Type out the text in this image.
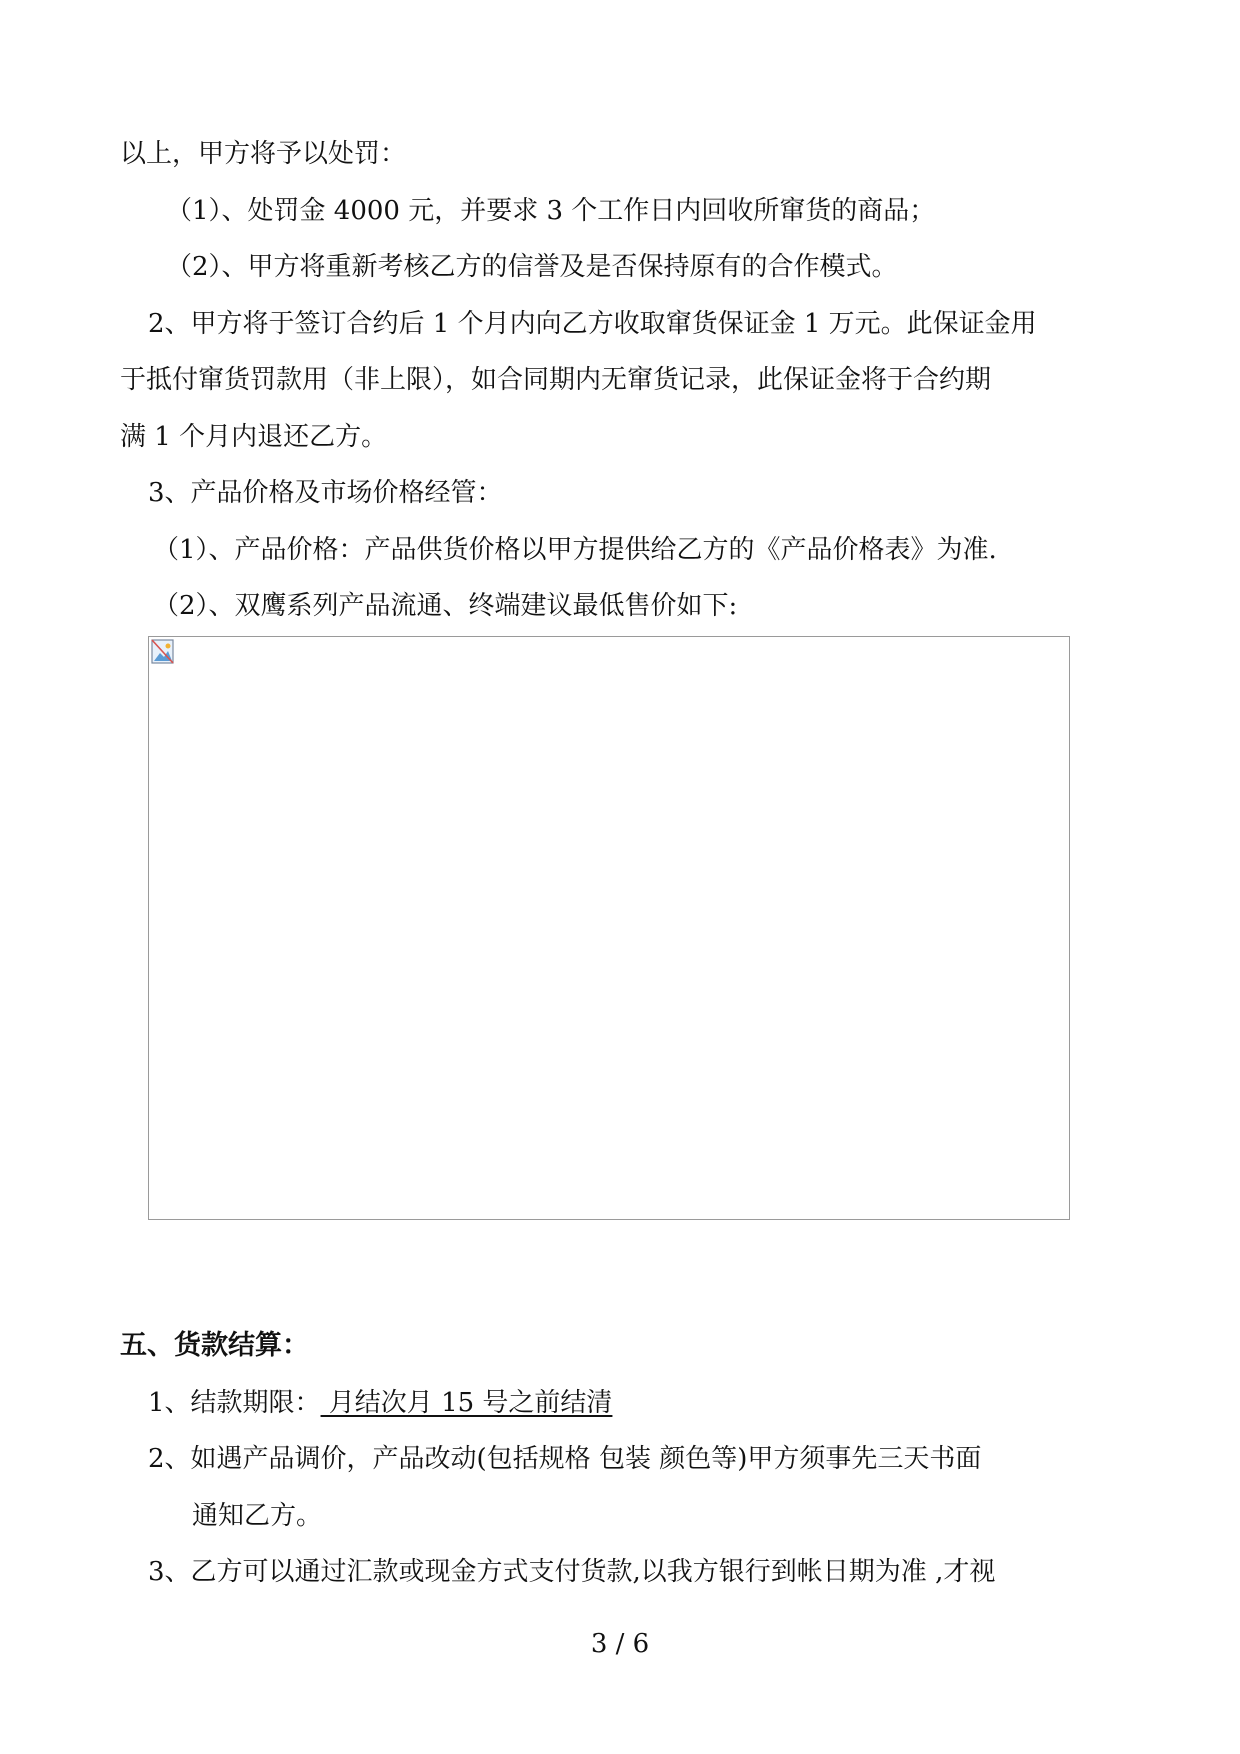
以上，甲方将予以处罚：
（1）、处罚金 4000 元，并要求 3 个工作日内回收所窜货的商品；
（2）、甲方将重新考核乙方的信誉及是否保持原有的合作模式。
2、甲方将于签订合约后 1 个月内向乙方收取窜货保证金 1 万元。此保证金用
于抵付窜货罚款用（非上限），如合同期内无窜货记录，此保证金将于合约期
满 1 个月内退还乙方。
3、产品价格及市场价格经管：
（1）、产品价格：产品供货价格以甲方提供给乙方的《产品价格表》为准.
（2）、双鹰系列产品流通、终端建议最低售价如下:
五、货款结算：
1、结款期限： 月结次月 15 号之前结清
2、如遇产品调价，产品改动(包括规格 包装 颜色等)甲方须事先三天书面
通知乙方。
3、乙方可以通过汇款或现金方式支付货款,以我方银行到帐日期为准 ,才视
3 / 6
